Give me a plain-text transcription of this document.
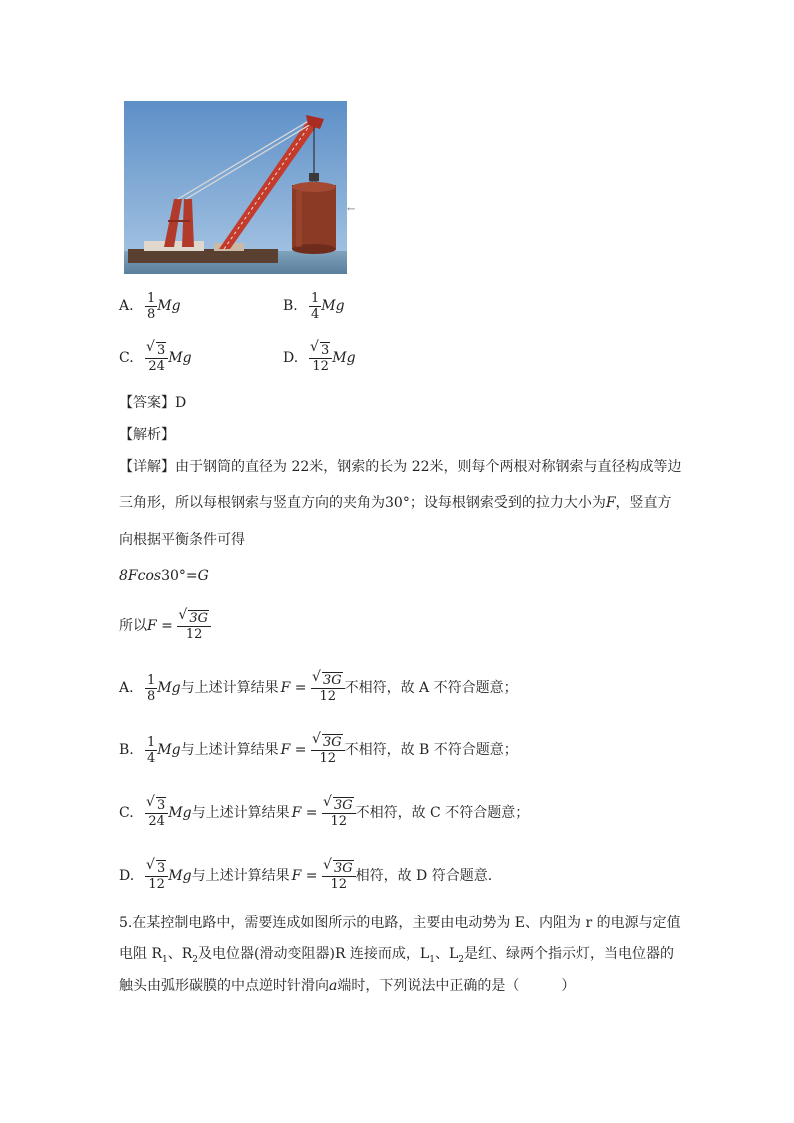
←
A. $\frac{1}{8}$ Mg	B. $\frac{1}{4}$ Mg
C. √ $\frac{3}{24}$ Mg	D. √ $\frac{3}{12}$ Mg
【答案】D
【解析】
【详解】由于钢筒的直径为 22米，钢索的长为 22米，则每个两根对称钢索与直径构成等边
三角形，所以每根钢索与竖直方向的夹角为30°；设每根钢索受到的拉力大小为F，竖直方
向根据平衡条件可得
8Fcos30°=G
所以 F = √ $\frac{3G}{12}$
A. $\frac{1}{8}$ Mg 与上述计算结果 F = √ $\frac{3G}{12}$ 不相符，故 A 不符合题意；
B. $\frac{1}{4}$ Mg 与上述计算结果 F = √ $\frac{3G}{12}$ 不相符，故 B 不符合题意；
C. √ $\frac{3}{24}$ Mg 与上述计算结果 F = √ $\frac{3G}{12}$ 不相符，故 C 不符合题意；
D. √ $\frac{3}{12}$ Mg 与上述计算结果 F = √ $\frac{3G}{12}$ 相符，故 D 符合题意.
5.在某控制电路中，需要连成如图所示的电路，主要由电动势为 E、内阻为 r 的电源与定值
电阻 $R_1$、$R_2$及电位器(滑动变阻器)R 连接而成，$L_1$、$L_2$是红、绿两个指示灯，当电位器的
触头由弧形碳膜的中点逆时针滑向a端时，下列说法中正确的是（　　　）
